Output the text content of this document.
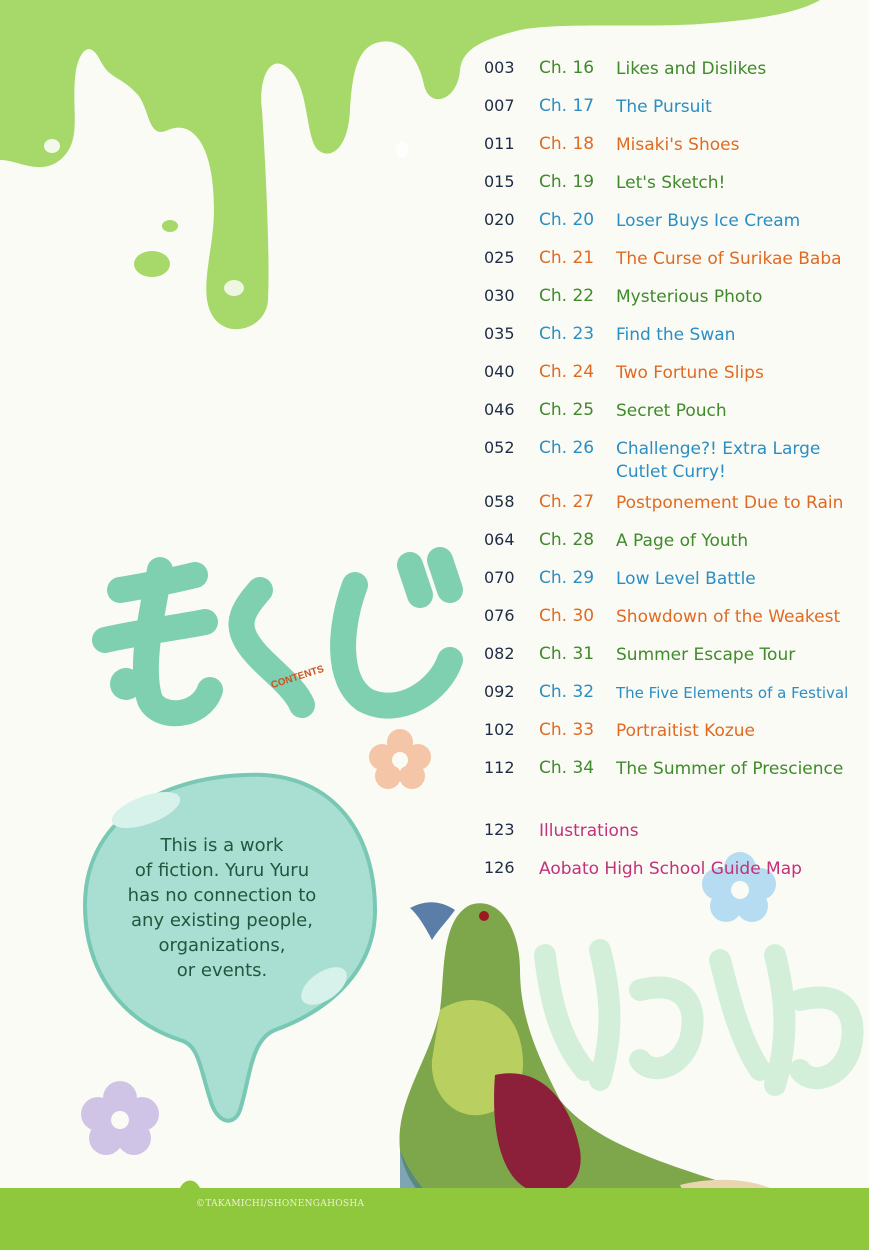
CONTENTS
003	Ch. 16	Likes and Dislikes
007	Ch. 17	The Pursuit
011	Ch. 18	Misaki's Shoes
015	Ch. 19	Let's Sketch!
020	Ch. 20	Loser Buys Ice Cream
025	Ch. 21	The Curse of Surikae Baba
030	Ch. 22	Mysterious Photo
035	Ch. 23	Find the Swan
040	Ch. 24	Two Fortune Slips
046	Ch. 25	Secret Pouch
052	Ch. 26	Challenge?! Extra Large
Cutlet Curry!
058	Ch. 27	Postponement Due to Rain
064	Ch. 28	A Page of Youth
070	Ch. 29	Low Level Battle
076	Ch. 30	Showdown of the Weakest
082	Ch. 31	Summer Escape Tour
092	Ch. 32	The Five Elements of a Festival
102	Ch. 33	Portraitist Kozue
112	Ch. 34	The Summer of Prescience
123	Illustrations
126	Aobato High School Guide Map
This is a work
of fiction. Yuru Yuru
has no connection to
any existing people,
organizations,
or events.
©TAKAMICHI/SHONENGAHOSHA
